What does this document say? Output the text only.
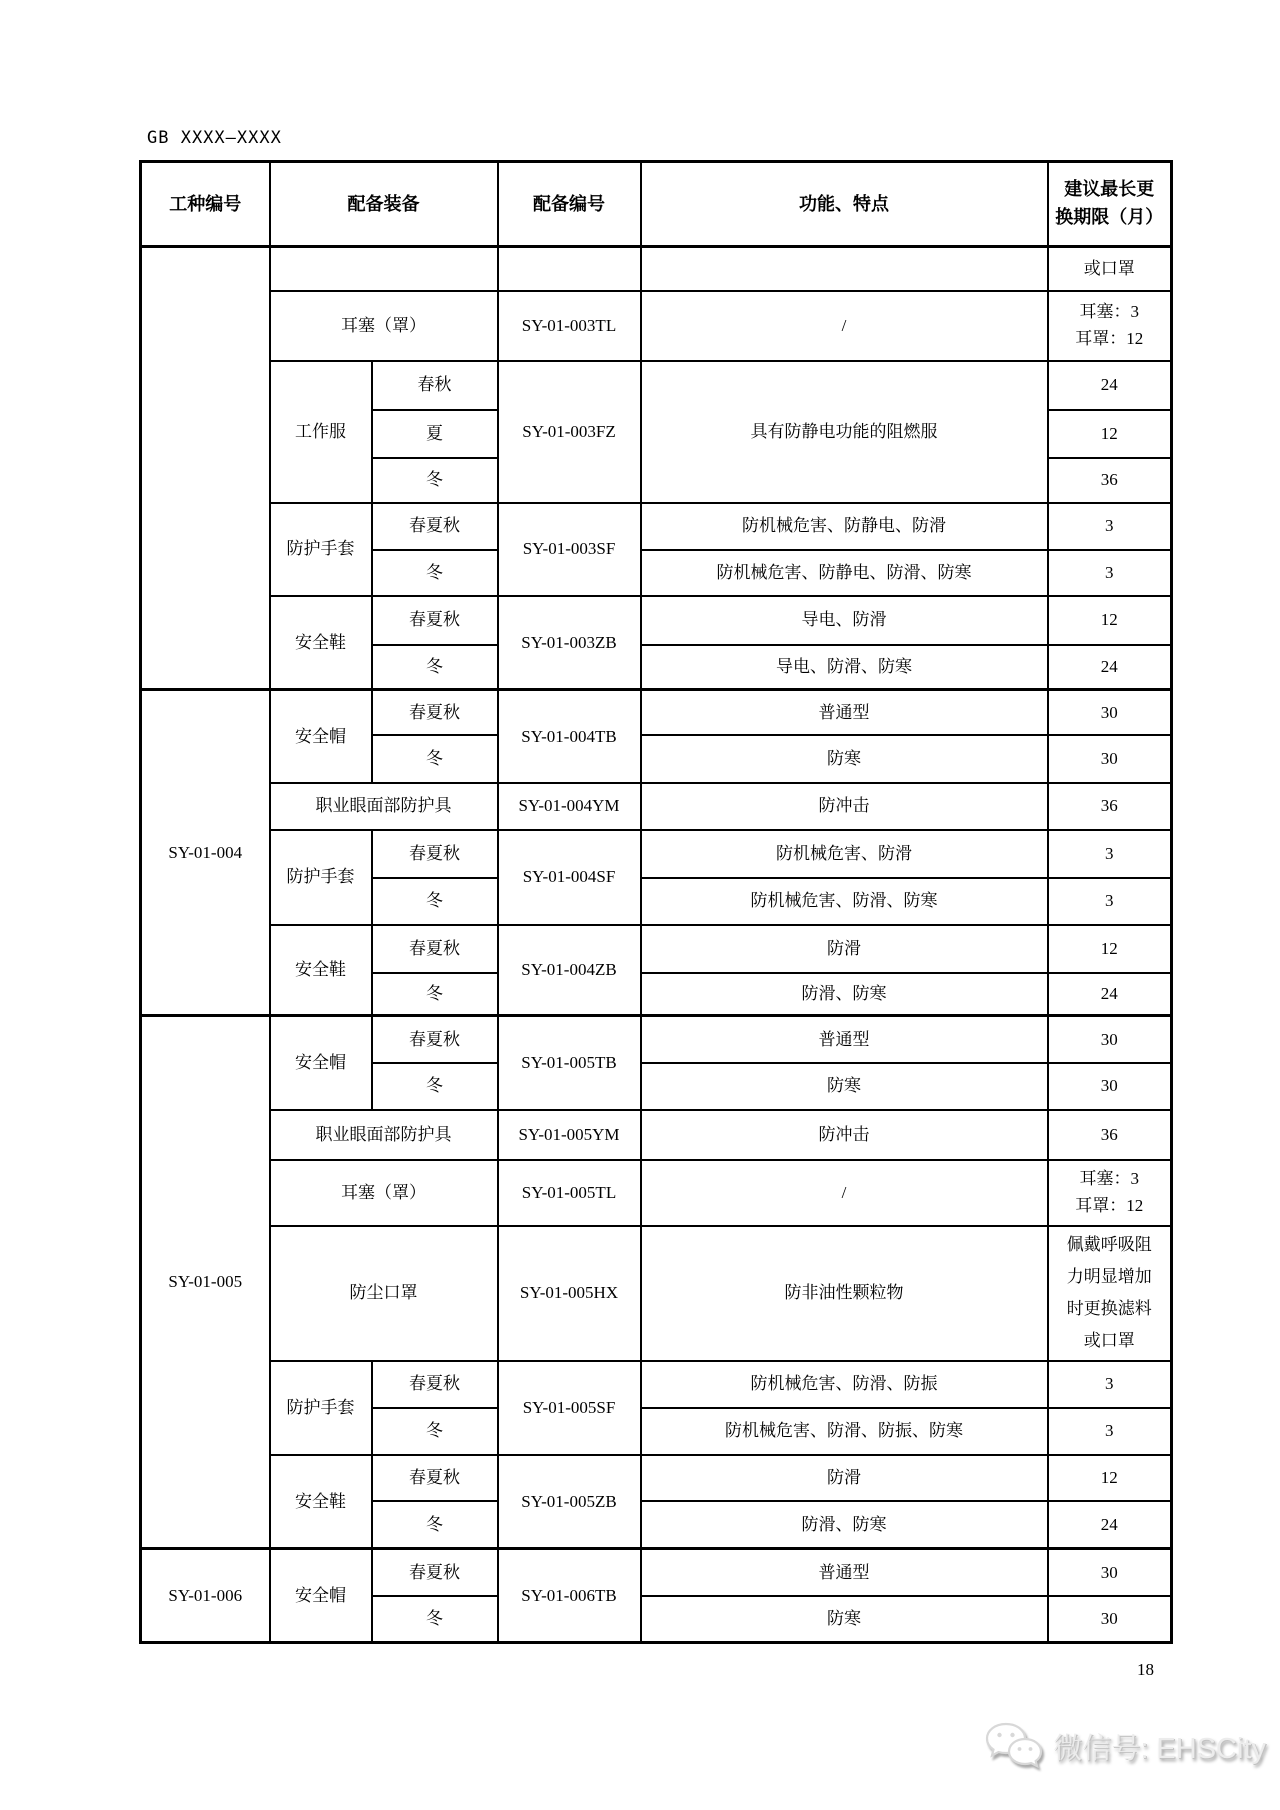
GB XXXX—XXXX
工种编号	配备装备		配备编号	功能、特点	建议最长更
换期限（月）

					或口罩
	耳塞（罩）		SY-01-003TL	/	耳塞：3
耳罩：12

	工作服	春秋	SY-01-003FZ	具有防静电功能的阻燃服	24
		夏			12
		冬			36
	防护手套	春夏秋	SY-01-003SF	防机械危害、防静电、防滑	3
		冬		防机械危害、防静电、防滑、防寒	3
	安全鞋	春夏秋	SY-01-003ZB	导电、防滑	12
		冬		导电、防滑、防寒	24
SY-01-004	安全帽	春夏秋	SY-01-004TB	普通型	30
		冬		防寒	30
	职业眼面部防护具		SY-01-004YM	防冲击	36
	防护手套	春夏秋	SY-01-004SF	防机械危害、防滑	3
		冬		防机械危害、防滑、防寒	3
	安全鞋	春夏秋	SY-01-004ZB	防滑	12
		冬		防滑、防寒	24
SY-01-005	安全帽	春夏秋	SY-01-005TB	普通型	30
		冬		防寒	30
	职业眼面部防护具		SY-01-005YM	防冲击	36
	耳塞（罩）		SY-01-005TL	/	耳塞：3
耳罩：12

	防尘口罩		SY-01-005HX	防非油性颗粒物	佩戴呼吸阻力明显增加时更换滤料或口罩

	防护手套	春夏秋	SY-01-005SF	防机械危害、防滑、防振	3
		冬		防机械危害、防滑、防振、防寒	3
	安全鞋	春夏秋	SY-01-005ZB	防滑	12
		冬		防滑、防寒	24
SY-01-006	安全帽	春夏秋	SY-01-006TB	普通型	30
		冬		防寒	30
18
微信号: EHSCity
